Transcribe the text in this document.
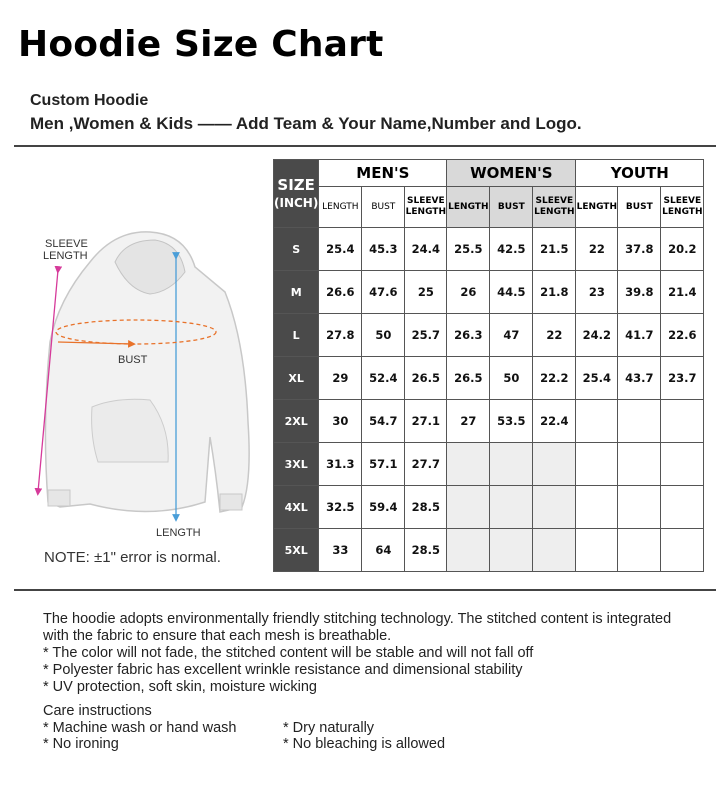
Hoodie Size Chart
Custom Hoodie
Men ,Women & Kids —— Add Team & Your Name,Number and Logo.
SLEEVE
LENGTH
BUST
LENGTH
NOTE: ±1" error is normal.
SIZE
(INCH)	MEN'S			WOMEN'S			YOUTH		
	LENGTH	BUST	SLEEVE LENGTH	LENGTH	BUST	SLEEVE LENGTH	LENGTH	BUST	SLEEVE LENGTH
S	25.4	45.3	24.4	25.5	42.5	21.5	22	37.8	20.2
M	26.6	47.6	25	26	44.5	21.8	23	39.8	21.4
L	27.8	50	25.7	26.3	47	22	24.2	41.7	22.6
XL	29	52.4	26.5	26.5	50	22.2	25.4	43.7	23.7
2XL	30	54.7	27.1	27	53.5	22.4			
3XL	31.3	57.1	27.7						
4XL	32.5	59.4	28.5						
5XL	33	64	28.5						

The hoodie adopts environmentally friendly stitching technology. The stitched content is integrated with the fabric to ensure that each mesh is breathable.

* The color will not fade, the stitched content will be stable and will not fall off

* Polyester fabric has excellent wrinkle resistance and dimensional stability

* UV protection, soft skin, moisture wicking

Care instructions
* Machine wash or hand wash	* Dry naturally
* No ironing	* No bleaching is allowed
